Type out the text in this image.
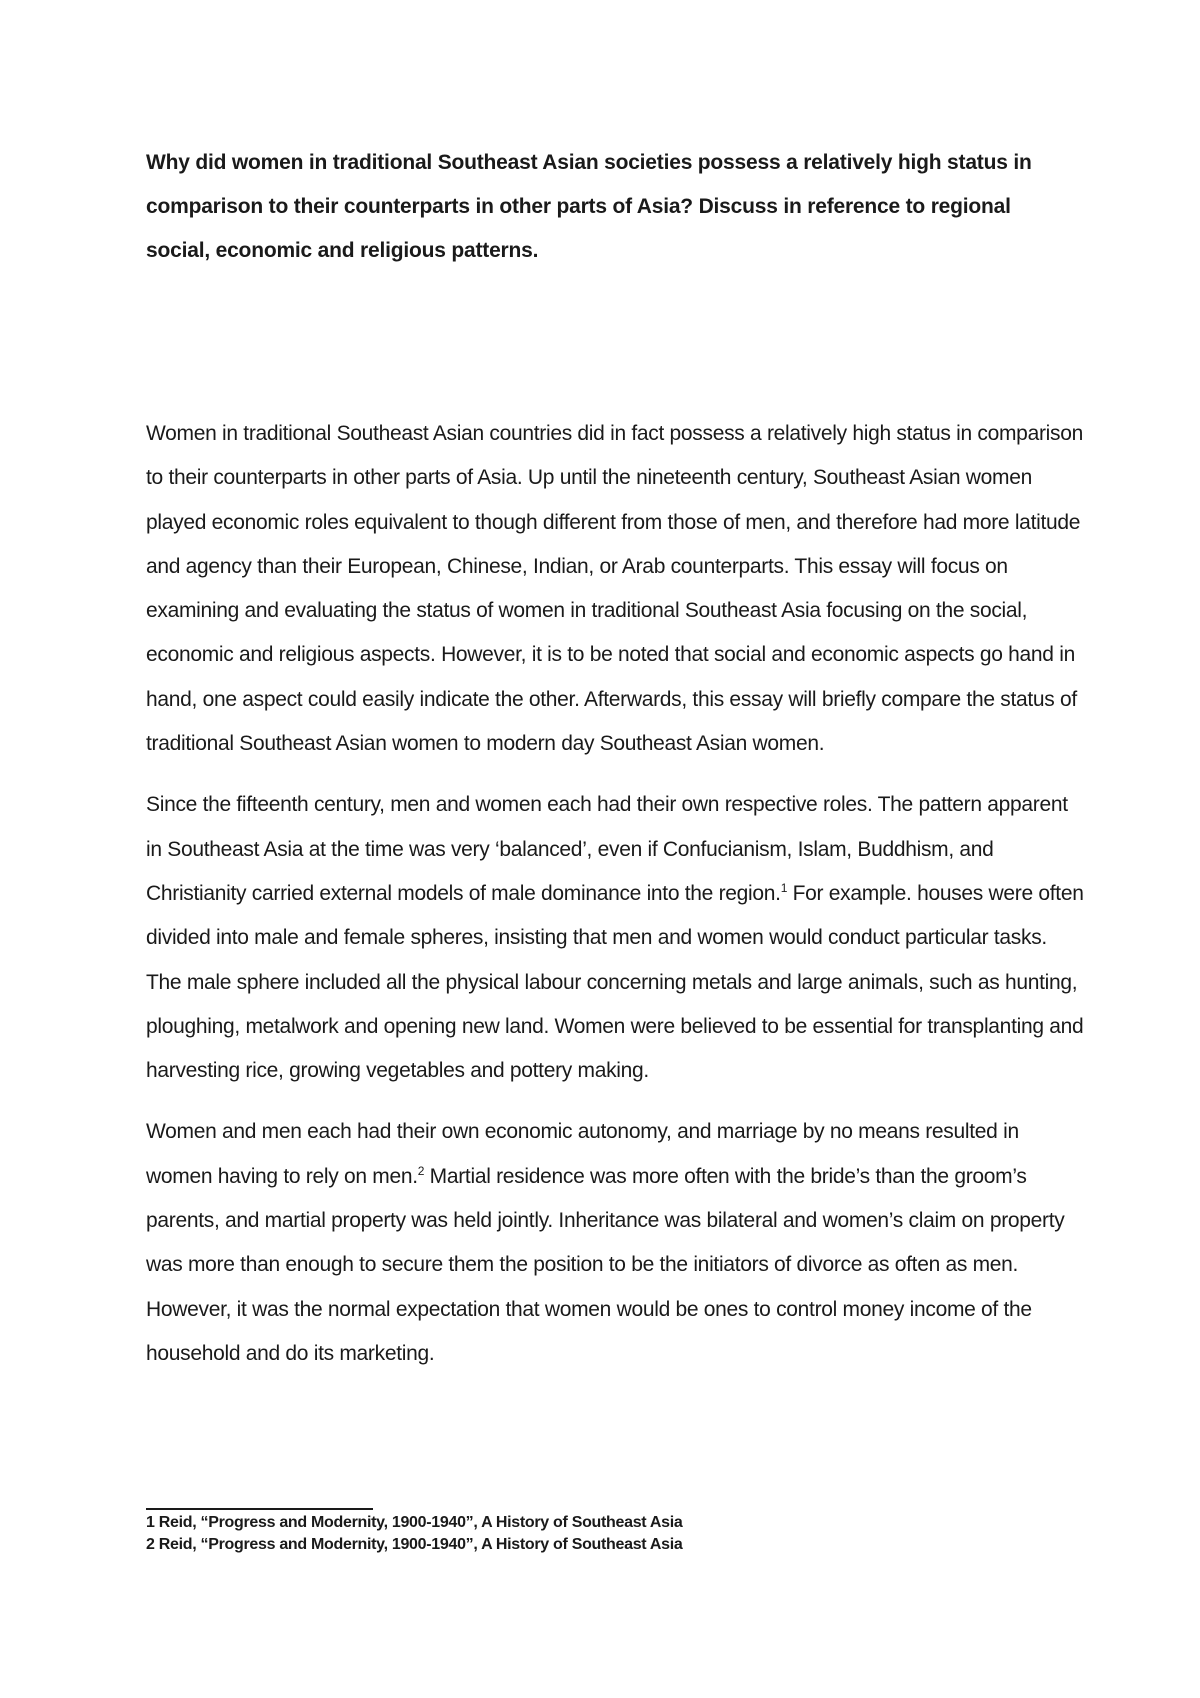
Why did women in traditional Southeast Asian societies possess a relatively high status in comparison to their counterparts in other parts of Asia? Discuss in reference to regional social, economic and religious patterns.

Women in traditional Southeast Asian countries did in fact possess a relatively high status in comparison to their counterparts in other parts of Asia. Up until the nineteenth century, Southeast Asian women played economic roles equivalent to though different from those of men, and therefore had more latitude and agency than their European, Chinese, Indian, or Arab counterparts. This essay will focus on examining and evaluating the status of women in traditional Southeast Asia focusing on the social, economic and religious aspects. However, it is to be noted that social and economic aspects go hand in hand, one aspect could easily indicate the other. Afterwards, this essay will briefly compare the status of traditional Southeast Asian women to modern day Southeast Asian women.

Since the fifteenth century, men and women each had their own respective roles. The pattern apparent in Southeast Asia at the time was very ‘balanced’, even if Confucianism, Islam, Buddhism, and Christianity carried external models of male dominance into the region.$^1$ For example. houses were often divided into male and female spheres, insisting that men and women would conduct particular tasks. The male sphere included all the physical labour concerning metals and large animals, such as hunting, ploughing, metalwork and opening new land. Women were believed to be essential for transplanting and harvesting rice, growing vegetables and pottery making.

Women and men each had their own economic autonomy, and marriage by no means resulted in women having to rely on men.$^2$ Martial residence was more often with the bride’s than the groom’s parents, and martial property was held jointly. Inheritance was bilateral and women’s claim on property was more than enough to secure them the position to be the initiators of divorce as often as men. However, it was the normal expectation that women would be ones to control money income of the household and do its marketing.

1 Reid, “Progress and Modernity, 1900-1940”, A History of Southeast Asia
2 Reid, “Progress and Modernity, 1900-1940”, A History of Southeast Asia
